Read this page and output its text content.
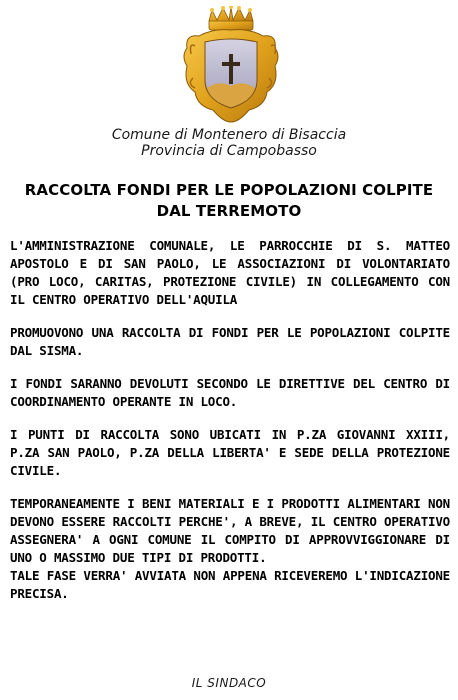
Comune di Montenero di Bisaccia
Provincia di Campobasso
RACCOLTA FONDI PER LE POPOLAZIONI COLPITE
DAL TERREMOTO

L'AMMINISTRAZIONE COMUNALE, LE PARROCCHIE DI S. MATTEO APOSTOLO E DI SAN PAOLO, LE ASSOCIAZIONI DI VOLONTARIATO (PRO LOCO, CARITAS, PROTEZIONE CIVILE) IN COLLEGAMENTO CON IL CENTRO OPERATIVO DELL'AQUILA

PROMUOVONO UNA RACCOLTA DI FONDI PER LE POPOLAZIONI COLPITE DAL SISMA.

I FONDI SARANNO DEVOLUTI SECONDO LE DIRETTIVE DEL CENTRO DI COORDINAMENTO OPERANTE IN LOCO.

I PUNTI DI RACCOLTA SONO UBICATI IN P.ZA GIOVANNI XXIII, P.ZA SAN PAOLO, P.ZA DELLA LIBERTA' E SEDE DELLA PROTEZIONE CIVILE.

TEMPORANEAMENTE I BENI MATERIALI E I PRODOTTI ALIMENTARI NON DEVONO ESSERE RACCOLTI PERCHE', A BREVE, IL CENTRO OPERATIVO ASSEGNERA' A OGNI COMUNE IL COMPITO DI APPROVVIGGIONARE DI UNO O MASSIMO DUE TIPI DI PRODOTTI.

TALE FASE VERRA' AVVIATA NON APPENA RICEVEREMO L'INDICAZIONE PRECISA.

IL SINDACO
